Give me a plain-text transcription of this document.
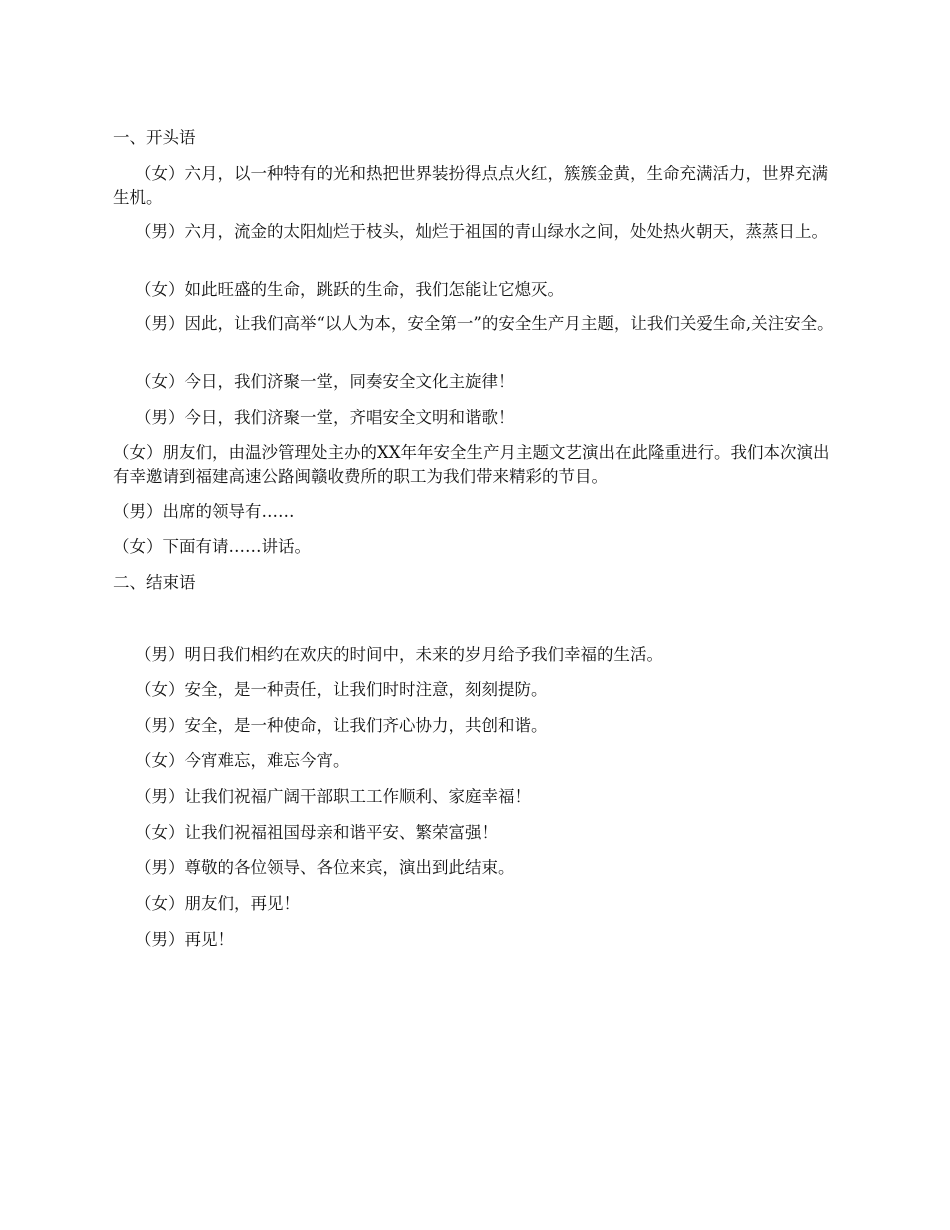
一、开头语
（女）六月，以一种特有的光和热把世界装扮得点点火红，簇簇金黄，生命充满活力，世界充满生机。
（男）六月，流金的太阳灿烂于枝头，灿烂于祖国的青山绿水之间，处处热火朝天，蒸蒸日上。
（女）如此旺盛的生命，跳跃的生命，我们怎能让它熄灭。
（男）因此，让我们高举“以人为本，安全第一”的安全生产月主题，让我们关爱生命,关注安全。
（女）今日，我们济聚一堂，同奏安全文化主旋律！
（男）今日，我们济聚一堂，齐唱安全文明和谐歌！
（女）朋友们，由温沙管理处主办的XX年年安全生产月主题文艺演出在此隆重进行。我们本次演出有幸邀请到福建高速公路闽赣收费所的职工为我们带来精彩的节目。
（男）出席的领导有……
（女）下面有请……讲话。
二、结束语
（男）明日我们相约在欢庆的时间中，未来的岁月给予我们幸福的生活。
（女）安全，是一种责任，让我们时时注意，刻刻提防。
（男）安全，是一种使命，让我们齐心协力，共创和谐。
（女）今宵难忘，难忘今宵。
（男）让我们祝福广阔干部职工工作顺利、家庭幸福！
（女）让我们祝福祖国母亲和谐平安、繁荣富强！
（男）尊敬的各位领导、各位来宾，演出到此结束。
（女）朋友们，再见！
（男）再见！
